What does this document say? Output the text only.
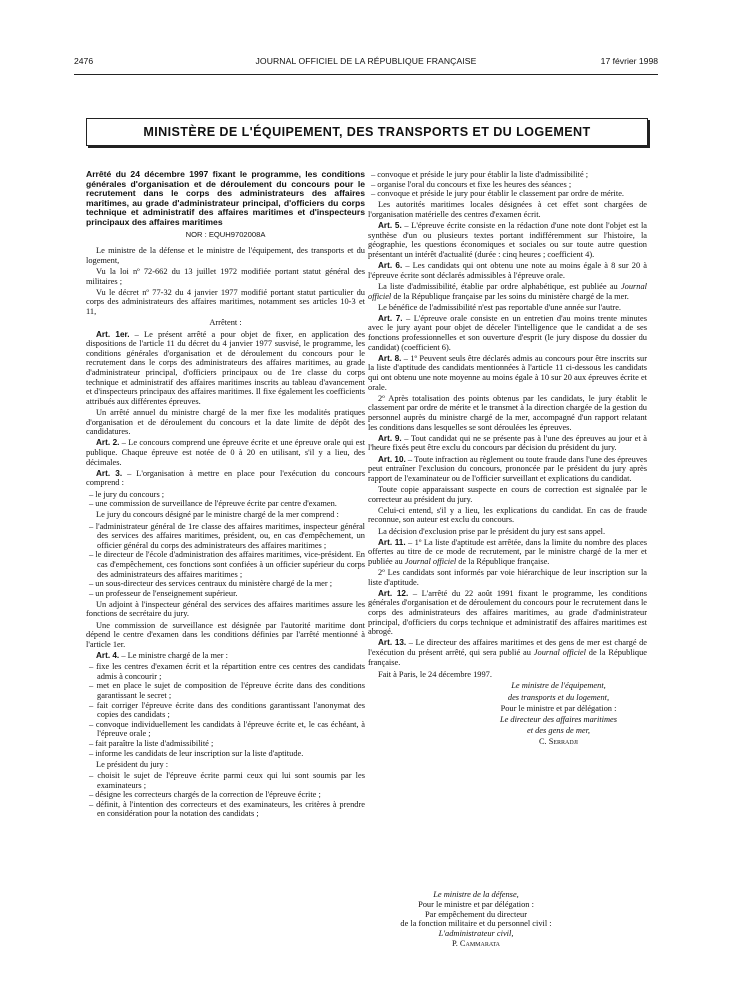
2476	JOURNAL OFFICIEL DE LA RÉPUBLIQUE FRANÇAISE	17 février 1998
MINISTÈRE DE L'ÉQUIPEMENT, DES TRANSPORTS ET DU LOGEMENT

Arrêté du 24 décembre 1997 fixant le programme, les conditions générales d'organisation et de déroulement du concours pour le recrutement dans le corps des administrateurs des affaires maritimes, au grade d'administrateur principal, d'officiers du corps technique et administratif des affaires maritimes et d'inspecteurs principaux des affaires maritimes

NOR : EQUH9702008A

Le ministre de la défense et le ministre de l'équipement, des transports et du logement,

Vu la loi nº 72-662 du 13 juillet 1972 modifiée portant statut général des militaires ;

Vu le décret nº 77-32 du 4 janvier 1977 modifié portant statut particulier du corps des administrateurs des affaires maritimes, notamment ses articles 10-3 et 11,

Arrêtent :

Art. 1er. – Le présent arrêté a pour objet de fixer, en application des dispositions de l'article 11 du décret du 4 janvier 1977 susvisé, le programme, les conditions générales d'organisation et de déroulement du concours pour le recrutement dans le corps des administrateurs des affaires maritimes, au grade d'administrateur principal, d'officiers principaux ou de 1re classe du corps technique et administratif des affaires maritimes inscrits au tableau d'avancement et d'inspecteurs principaux des affaires maritimes. Il fixe également les coefficients attribués aux différentes épreuves.

Un arrêté annuel du ministre chargé de la mer fixe les modalités pratiques d'organisation et de déroulement du concours et la date limite de dépôt des candidatures.

Art. 2. – Le concours comprend une épreuve écrite et une épreuve orale qui est publique. Chaque épreuve est notée de 0 à 20 en utilisant, s'il y a lieu, des décimales.

Art. 3. – L'organisation à mettre en place pour l'exécution du concours comprend :

– le jury du concours ;
– une commission de surveillance de l'épreuve écrite par centre d'examen.

Le jury du concours désigné par le ministre chargé de la mer comprend :

– l'administrateur général de 1re classe des affaires maritimes, inspecteur général des services des affaires maritimes, président, ou, en cas d'empêchement, un officier général du corps des administrateurs des affaires maritimes ;
– le directeur de l'école d'administration des affaires maritimes, vice-président. En cas d'empêchement, ces fonctions sont confiées à un officier supérieur du corps des administrateurs des affaires maritimes ;
– un sous-directeur des services centraux du ministère chargé de la mer ;
– un professeur de l'enseignement supérieur.

Un adjoint à l'inspecteur général des services des affaires maritimes assure les fonctions de secrétaire du jury.

Une commission de surveillance est désignée par l'autorité maritime dont dépend le centre d'examen dans les conditions définies par l'arrêté mentionné à l'article 1er.

Art. 4. – Le ministre chargé de la mer :

– fixe les centres d'examen écrit et la répartition entre ces centres des candidats admis à concourir ;
– met en place le sujet de composition de l'épreuve écrite dans des conditions garantissant le secret ;
– fait corriger l'épreuve écrite dans des conditions garantissant l'anonymat des copies des candidats ;
– convoque individuellement les candidats à l'épreuve écrite et, le cas échéant, à l'épreuve orale ;
– fait paraître la liste d'admissibilité ;
– informe les candidats de leur inscription sur la liste d'aptitude.

Le président du jury :

– choisit le sujet de l'épreuve écrite parmi ceux qui lui sont soumis par les examinateurs ;
– désigne les correcteurs chargés de la correction de l'épreuve écrite ;
– définit, à l'intention des correcteurs et des examinateurs, les critères à prendre en considération pour la notation des candidats ;
– convoque et préside le jury pour établir la liste d'admissibilité ;
– organise l'oral du concours et fixe les heures des séances ;
– convoque et préside le jury pour établir le classement par ordre de mérite.

Les autorités maritimes locales désignées à cet effet sont chargées de l'organisation matérielle des centres d'examen écrit.

Art. 5. – L'épreuve écrite consiste en la rédaction d'une note dont l'objet est la synthèse d'un ou plusieurs textes portant indifféremment sur l'histoire, la géographie, les questions économiques et sociales ou sur toute autre question présentant un intérêt d'actualité (durée : cinq heures ; coefficient 4).

Art. 6. – Les candidats qui ont obtenu une note au moins égale à 8 sur 20 à l'épreuve écrite sont déclarés admissibles à l'épreuve orale.

La liste d'admissibilité, établie par ordre alphabétique, est publiée au Journal officiel de la République française par les soins du ministère chargé de la mer.

Le bénéfice de l'admissibilité n'est pas reportable d'une année sur l'autre.

Art. 7. – L'épreuve orale consiste en un entretien d'au moins trente minutes avec le jury ayant pour objet de déceler l'intelligence que le candidat a de ses fonctions professionnelles et son ouverture d'esprit (le jury dispose du dossier du candidat) (coefficient 6).

Art. 8. – 1º Peuvent seuls être déclarés admis au concours pour être inscrits sur la liste d'aptitude des candidats mentionnées à l'article 11 ci-dessous les candidats qui ont obtenu une note moyenne au moins égale à 10 sur 20 aux épreuves écrite et orale.

2º Après totalisation des points obtenus par les candidats, le jury établit le classement par ordre de mérite et le transmet à la direction chargée de la gestion du personnel auprès du ministre chargé de la mer, accompagné d'un rapport relatant les conditions dans lesquelles se sont déroulées les épreuves.

Art. 9. – Tout candidat qui ne se présente pas à l'une des épreuves au jour et à l'heure fixés peut être exclu du concours par décision du président du jury.

Art. 10. – Toute infraction au règlement ou toute fraude dans l'une des épreuves peut entraîner l'exclusion du concours, prononcée par le président du jury après rapport de l'examinateur ou de l'officier surveillant et explications du candidat.

Toute copie apparaissant suspecte en cours de correction est signalée par le correcteur au président du jury.

Celui-ci entend, s'il y a lieu, les explications du candidat. En cas de fraude reconnue, son auteur est exclu du concours.

La décision d'exclusion prise par le président du jury est sans appel.

Art. 11. – 1º La liste d'aptitude est arrêtée, dans la limite du nombre des places offertes au titre de ce mode de recrutement, par le ministre chargé de la mer et publiée au Journal officiel de la République française.

2º Les candidats sont informés par voie hiérarchique de leur inscription sur la liste d'aptitude.

Art. 12. – L'arrêté du 22 août 1991 fixant le programme, les conditions générales d'organisation et de déroulement du concours pour le recrutement dans le corps des administrateurs des affaires maritimes, au grade d'administrateur principal, d'officiers du corps technique et administratif des affaires maritimes est abrogé.

Art. 13. – Le directeur des affaires maritimes et des gens de mer est chargé de l'exécution du présent arrêté, qui sera publié au Journal officiel de la République française.

Fait à Paris, le 24 décembre 1997.

Le ministre de l'équipement,

des transports et du logement,

Pour le ministre et par délégation :

Le directeur des affaires maritimes

et des gens de mer,

C. Serradji

Le ministre de la défense,

Pour le ministre et par délégation :

Par empêchement du directeur

de la fonction militaire et du personnel civil :

L'administrateur civil,

P. Cammarata
